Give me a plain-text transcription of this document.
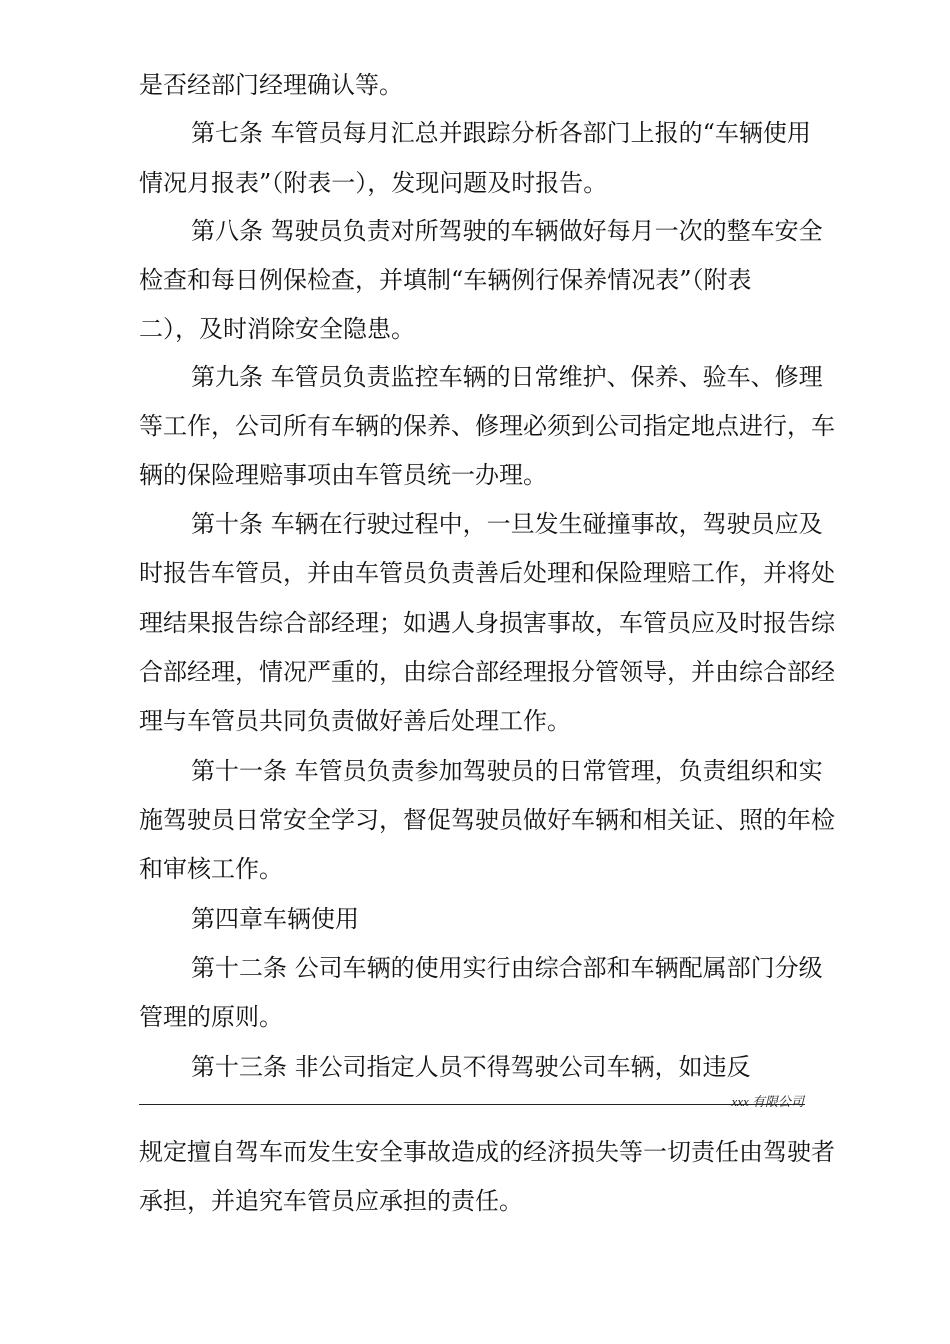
是否经部门经理确认等。
第七条 车管员每月汇总并跟踪分析各部门上报的“车辆使用
情况月报表”（附表一），发现问题及时报告。
第八条 驾驶员负责对所驾驶的车辆做好每月一次的整车安全
检查和每日例保检查，并填制“车辆例行保养情况表”（附表
二），及时消除安全隐患。
第九条 车管员负责监控车辆的日常维护、保养、验车、修理
等工作，公司所有车辆的保养、修理必须到公司指定地点进行，车
辆的保险理赔事项由车管员统一办理。
第十条 车辆在行驶过程中，一旦发生碰撞事故，驾驶员应及
时报告车管员，并由车管员负责善后处理和保险理赔工作，并将处
理结果报告综合部经理；如遇人身损害事故，车管员应及时报告综
合部经理，情况严重的，由综合部经理报分管领导，并由综合部经
理与车管员共同负责做好善后处理工作。
第十一条 车管员负责参加驾驶员的日常管理，负责组织和实
施驾驶员日常安全学习，督促驾驶员做好车辆和相关证、照的年检
和审核工作。
第四章车辆使用
第十二条 公司车辆的使用实行由综合部和车辆配属部门分级
管理的原则。
第十三条 非公司指定人员不得驾驶公司车辆，如违反
xxx 有限公司
规定擅自驾车而发生安全事故造成的经济损失等一切责任由驾驶者
承担，并追究车管员应承担的责任。
